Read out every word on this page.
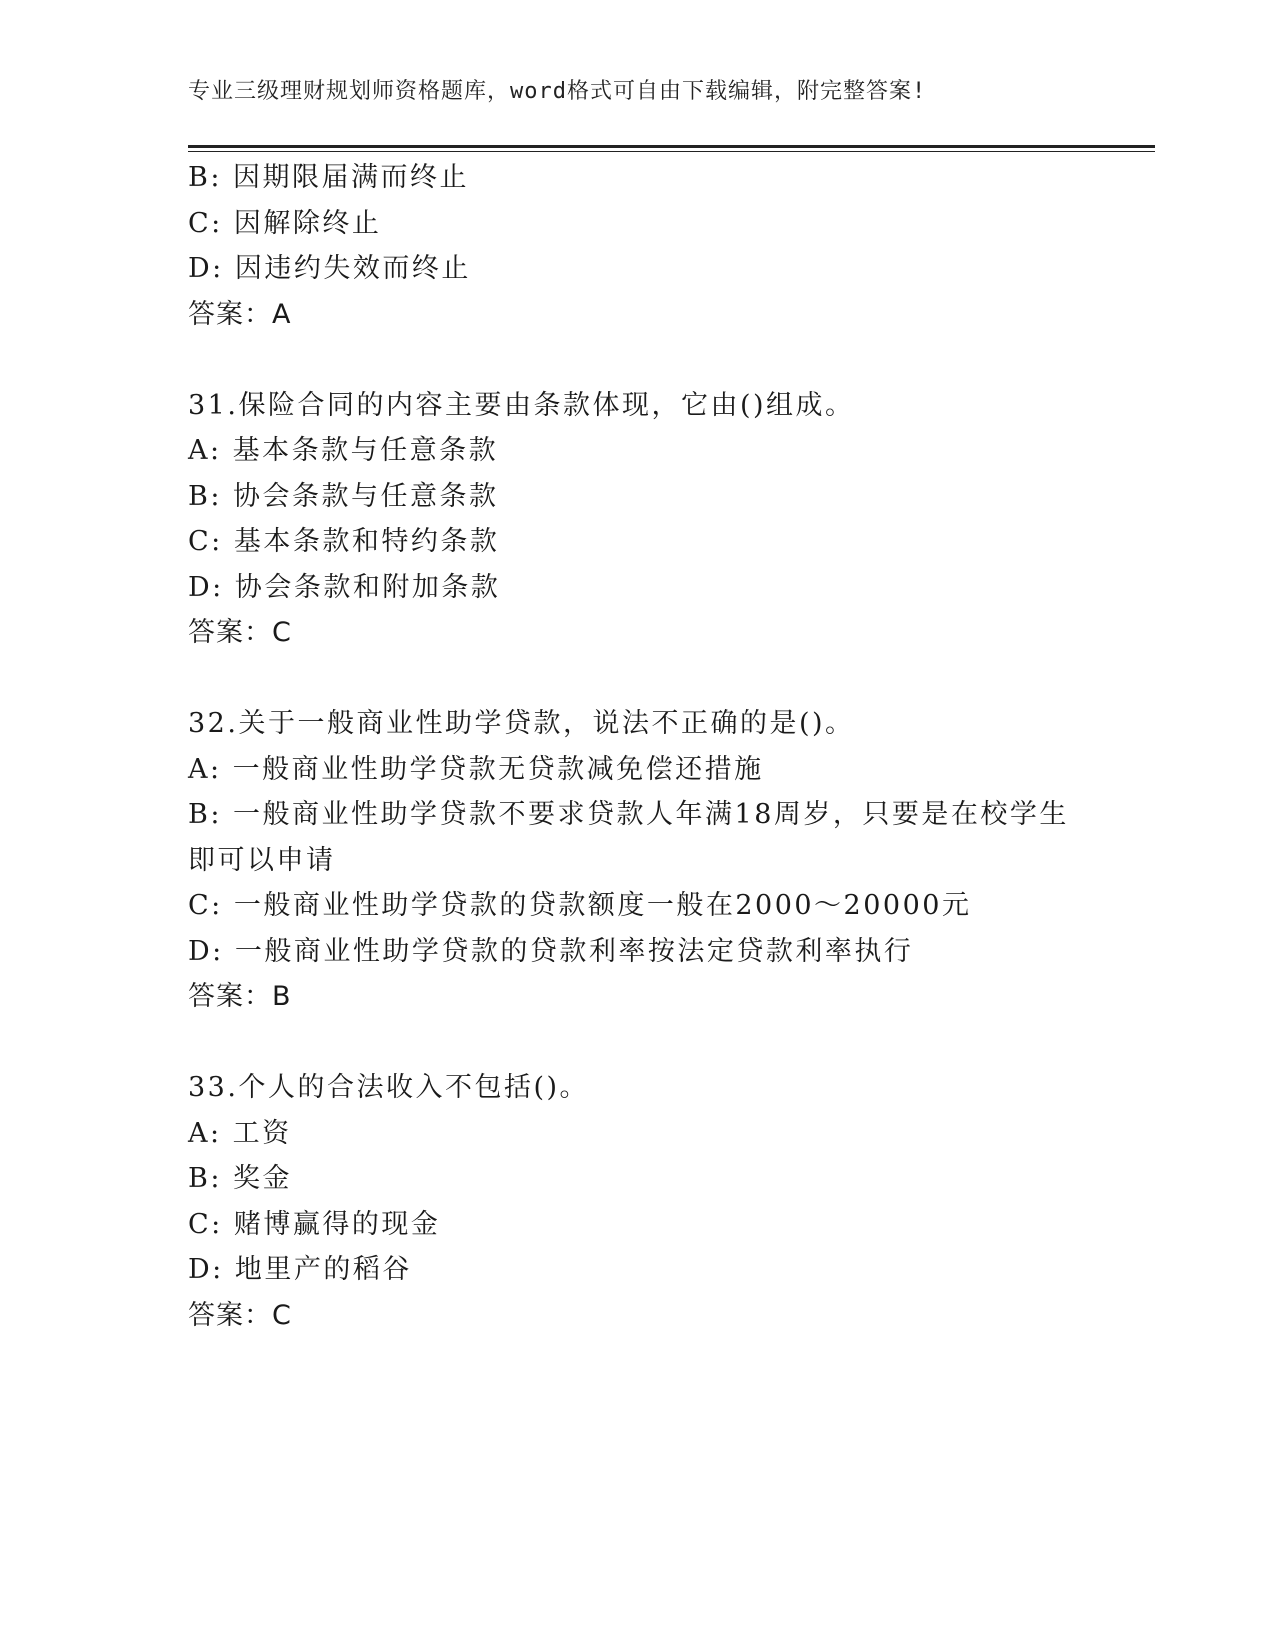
专业三级理财规划师资格题库，word格式可自由下载编辑，附完整答案!
B: 因期限届满而终止
C: 因解除终止
D: 因违约失效而终止
答案：A
31.保险合同的内容主要由条款体现，它由()组成。
A: 基本条款与任意条款
B: 协会条款与任意条款
C: 基本条款和特约条款
D: 协会条款和附加条款
答案：C
32.关于一般商业性助学贷款，说法不正确的是()。
A: 一般商业性助学贷款无贷款减免偿还措施
B: 一般商业性助学贷款不要求贷款人年满18周岁，只要是在校学生
即可以申请
C: 一般商业性助学贷款的贷款额度一般在2000～20000元
D: 一般商业性助学贷款的贷款利率按法定贷款利率执行
答案：B
33.个人的合法收入不包括()。
A: 工资
B: 奖金
C: 赌博赢得的现金
D: 地里产的稻谷
答案：C
